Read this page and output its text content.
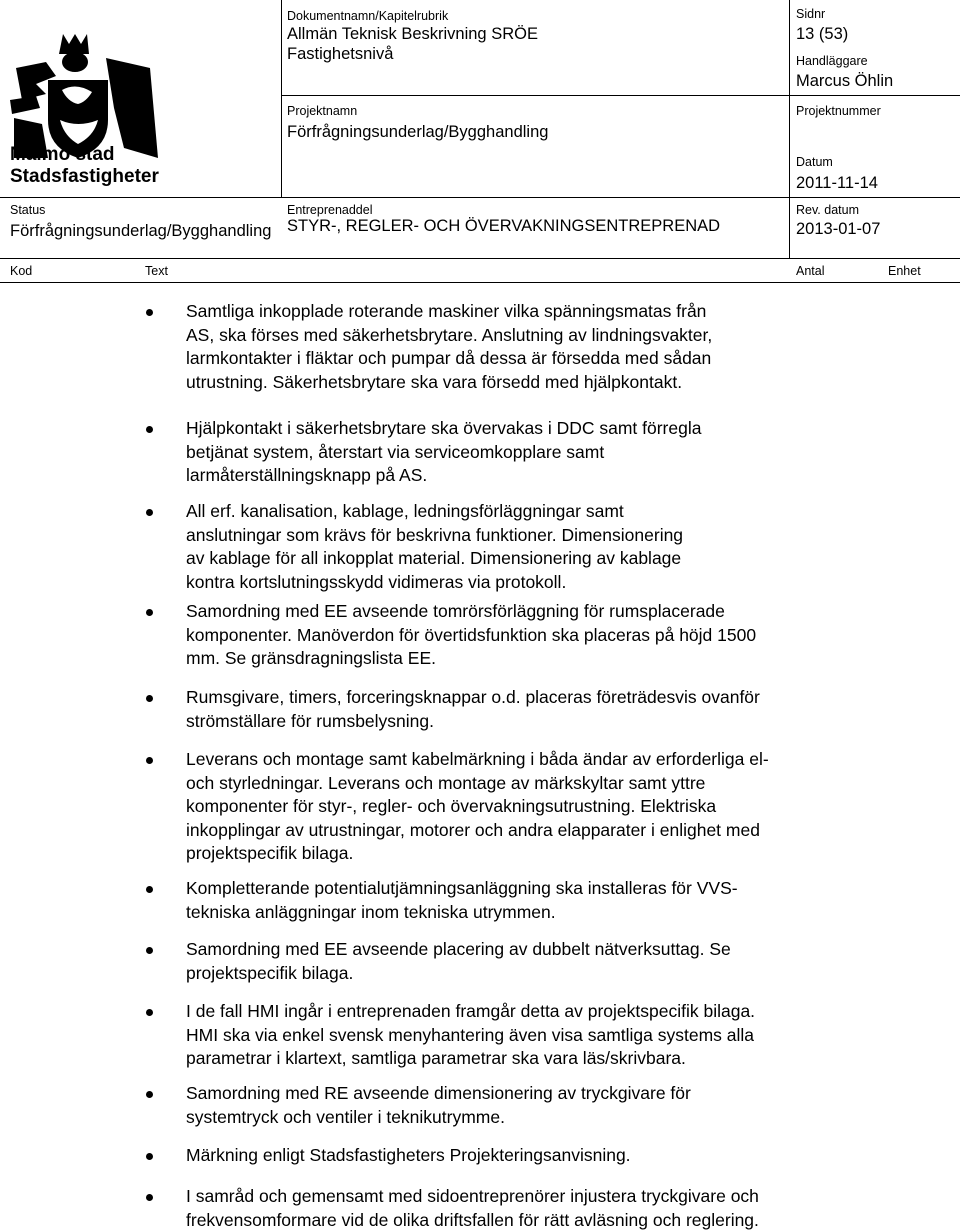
Malmö stad
Stadsfastigheter
Dokumentnamn/Kapitelrubrik
Allmän Teknisk Beskrivning SRÖE
Fastighetsnivå
Sidnr
13 (53)
Handläggare
Marcus Öhlin
Projektnamn
Förfrågningsunderlag/Bygghandling
Projektnummer
Datum
2011-11-14
Status
Förfrågningsunderlag/Bygghandling
Entreprenaddel
STYR-, REGLER- OCH ÖVERVAKNINGSENTREPRENAD
Rev. datum
2013-01-07
Kod	Text	Antal	Enhet
Samtliga inkopplade roterande maskiner vilka spänningsmatas från
AS, ska förses med säkerhetsbrytare. Anslutning av lindningsvakter,
larmkontakter i fläktar och pumpar då dessa är försedda med sådan
utrustning. Säkerhetsbrytare ska vara försedd med hjälpkontakt.
Hjälpkontakt i säkerhetsbrytare ska övervakas i DDC samt förregla
betjänat system, återstart via serviceomkopplare samt
larmåterställningsknapp på AS.
All erf. kanalisation, kablage, ledningsförläggningar samt
anslutningar som krävs för beskrivna funktioner. Dimensionering
av kablage för all inkopplat material. Dimensionering av kablage
kontra kortslutningsskydd vidimeras via protokoll.
Samordning med EE avseende tomrörsförläggning för rumsplacerade
komponenter. Manöverdon för övertidsfunktion ska placeras på höjd 1500
mm. Se gränsdragningslista EE.
Rumsgivare, timers, forceringsknappar o.d. placeras företrädesvis ovanför
strömställare för rumsbelysning.
Leverans och montage samt kabelmärkning i båda ändar av erforderliga el-
och styrledningar. Leverans och montage av märkskyltar samt yttre
komponenter för styr-, regler- och övervakningsutrustning. Elektriska
inkopplingar av utrustningar, motorer och andra elapparater i enlighet med
projektspecifik bilaga.
Kompletterande potentialutjämningsanläggning ska installeras för VVS-
tekniska anläggningar inom tekniska utrymmen.
Samordning med EE avseende placering av dubbelt nätverksuttag. Se
projektspecifik bilaga.
I de fall HMI ingår i entreprenaden framgår detta av projektspecifik bilaga.
HMI ska via enkel svensk menyhantering även visa samtliga systems alla
parametrar i klartext, samtliga parametrar ska vara läs/skrivbara.
Samordning med RE avseende dimensionering av tryckgivare för
systemtryck och ventiler i teknikutrymme.
Märkning enligt Stadsfastigheters Projekteringsanvisning.
I samråd och gemensamt med sidoentreprenörer injustera tryckgivare och
frekvensomformare vid de olika driftsfallen för rätt avläsning och reglering.
